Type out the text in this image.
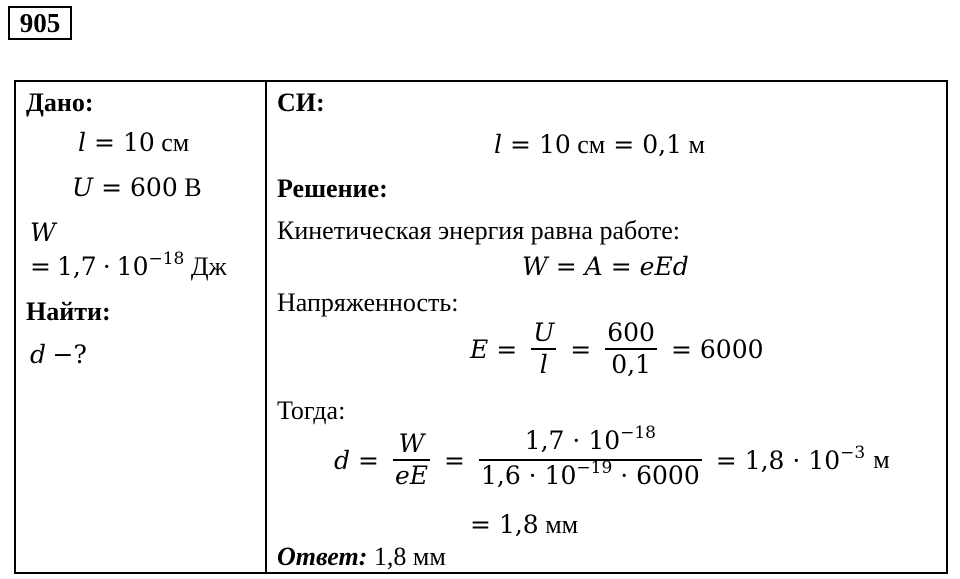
905
Дано:
l = 10 см
U = 600 В
W
= $1,7 \cdot 10^{-18}$ Дж
Найти:
d −?
СИ:
l = 10 см = 0,1 м
Решение:
Кинетическая энергия равна работе:
W = A = eEd
Напряженность:
$E = \frac{U}{l} = \frac{600}{0,1} = 6000$
Тогда:
$d = \frac{W}{eE} = \frac{1,7 \cdot 10^{-18}}{1,6 \cdot 10^{-19} \cdot 6000} = 1,8 \cdot 10^{-3}$ м
= 1,8 мм
Ответ: 1,8 мм
